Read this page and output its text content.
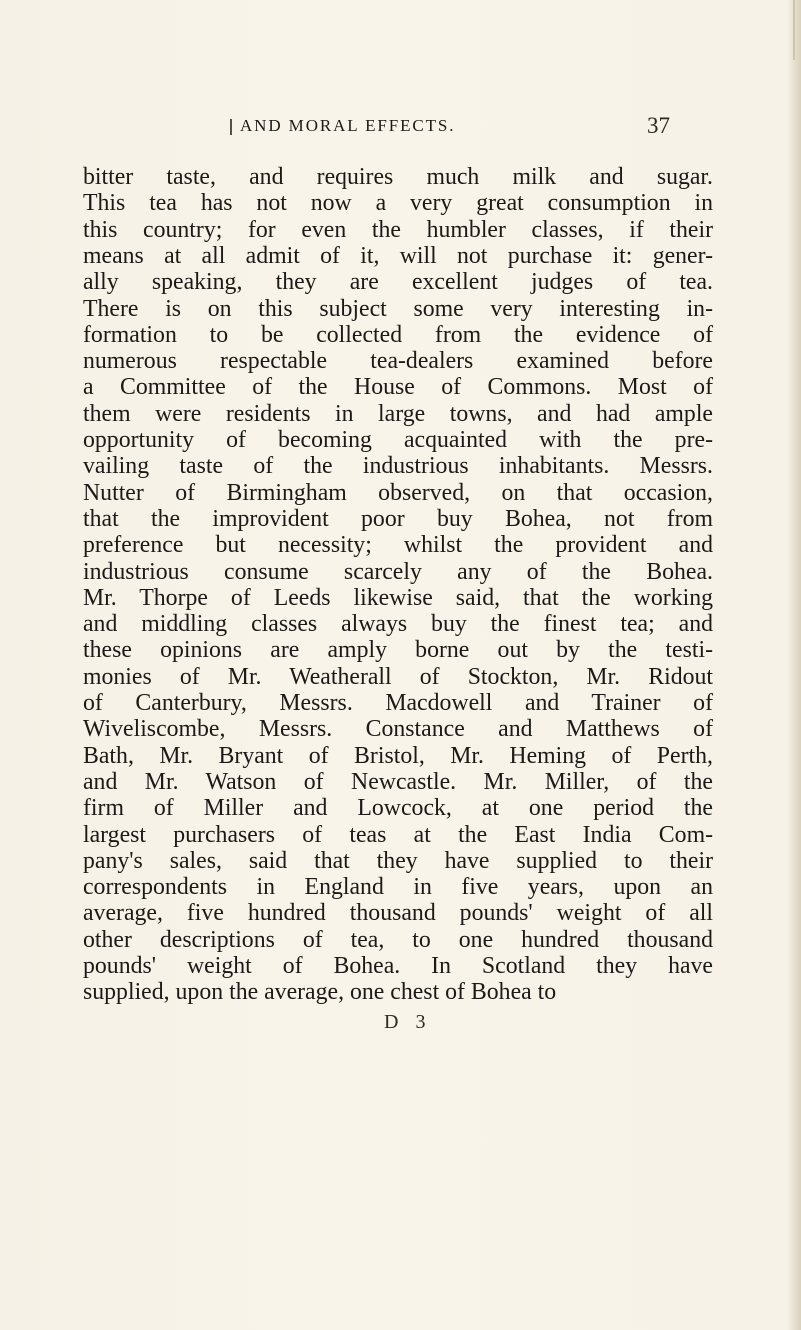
AND MORAL EFFECTS.	37
bitter taste, and requires much milk and sugar.
This tea has not now a very great consumption in
this country; for even the humbler classes, if their
means at all admit of it, will not purchase it: gener-
ally speaking, they are excellent judges of tea.
There is on this subject some very interesting in-
formation to be collected from the evidence of
numerous respectable tea-dealers examined before
a Committee of the House of Commons. Most of
them were residents in large towns, and had ample
opportunity of becoming acquainted with the pre-
vailing taste of the industrious inhabitants. Messrs.
Nutter of Birmingham observed, on that occasion,
that the improvident poor buy Bohea, not from
preference but necessity; whilst the provident and
industrious consume scarcely any of the Bohea.
Mr. Thorpe of Leeds likewise said, that the working
and middling classes always buy the finest tea; and
these opinions are amply borne out by the testi-
monies of Mr. Weatherall of Stockton, Mr. Ridout
of Canterbury, Messrs. Macdowell and Trainer of
Wiveliscombe, Messrs. Constance and Matthews of
Bath, Mr. Bryant of Bristol, Mr. Heming of Perth,
and Mr. Watson of Newcastle. Mr. Miller, of the
firm of Miller and Lowcock, at one period the
largest purchasers of teas at the East India Com-
pany's sales, said that they have supplied to their
correspondents in England in five years, upon an
average, five hundred thousand pounds' weight of all
other descriptions of tea, to one hundred thousand
pounds' weight of Bohea. In Scotland they have
supplied, upon the average, one chest of Bohea to
D 3
